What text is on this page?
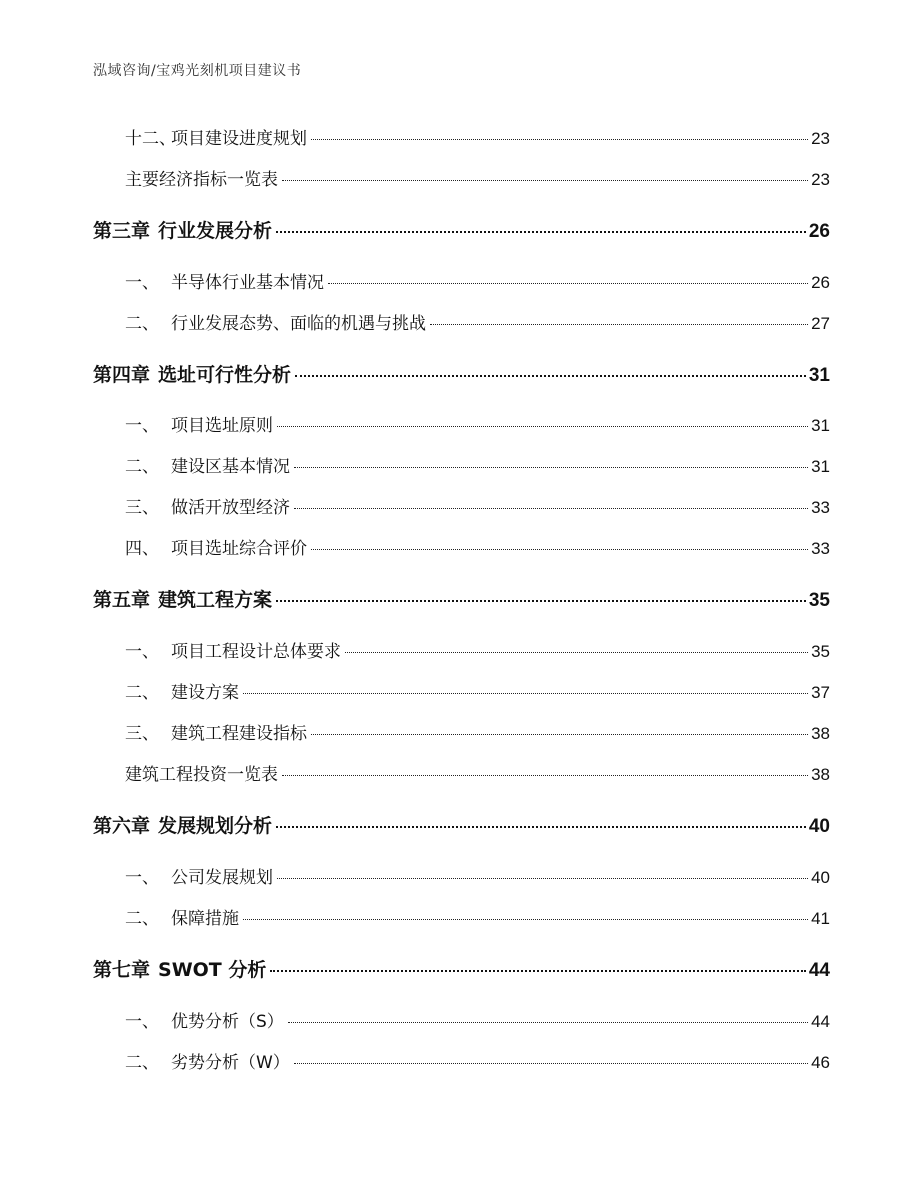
泓域咨询/宝鸡光刻机项目建议书
十二、项目建设进度规划	23
主要经济指标一览表	23
第三章 行业发展分析	26
一、 半导体行业基本情况	26
二、 行业发展态势、面临的机遇与挑战	27
第四章 选址可行性分析	31
一、 项目选址原则	31
二、 建设区基本情况	31
三、 做活开放型经济	33
四、 项目选址综合评价	33
第五章 建筑工程方案	35
一、 项目工程设计总体要求	35
二、 建设方案	37
三、 建筑工程建设指标	38
建筑工程投资一览表	38
第六章 发展规划分析	40
一、 公司发展规划	40
二、 保障措施	41
第七章 SWOT 分析	44
一、 优势分析（S）	44
二、 劣势分析（W）	46
